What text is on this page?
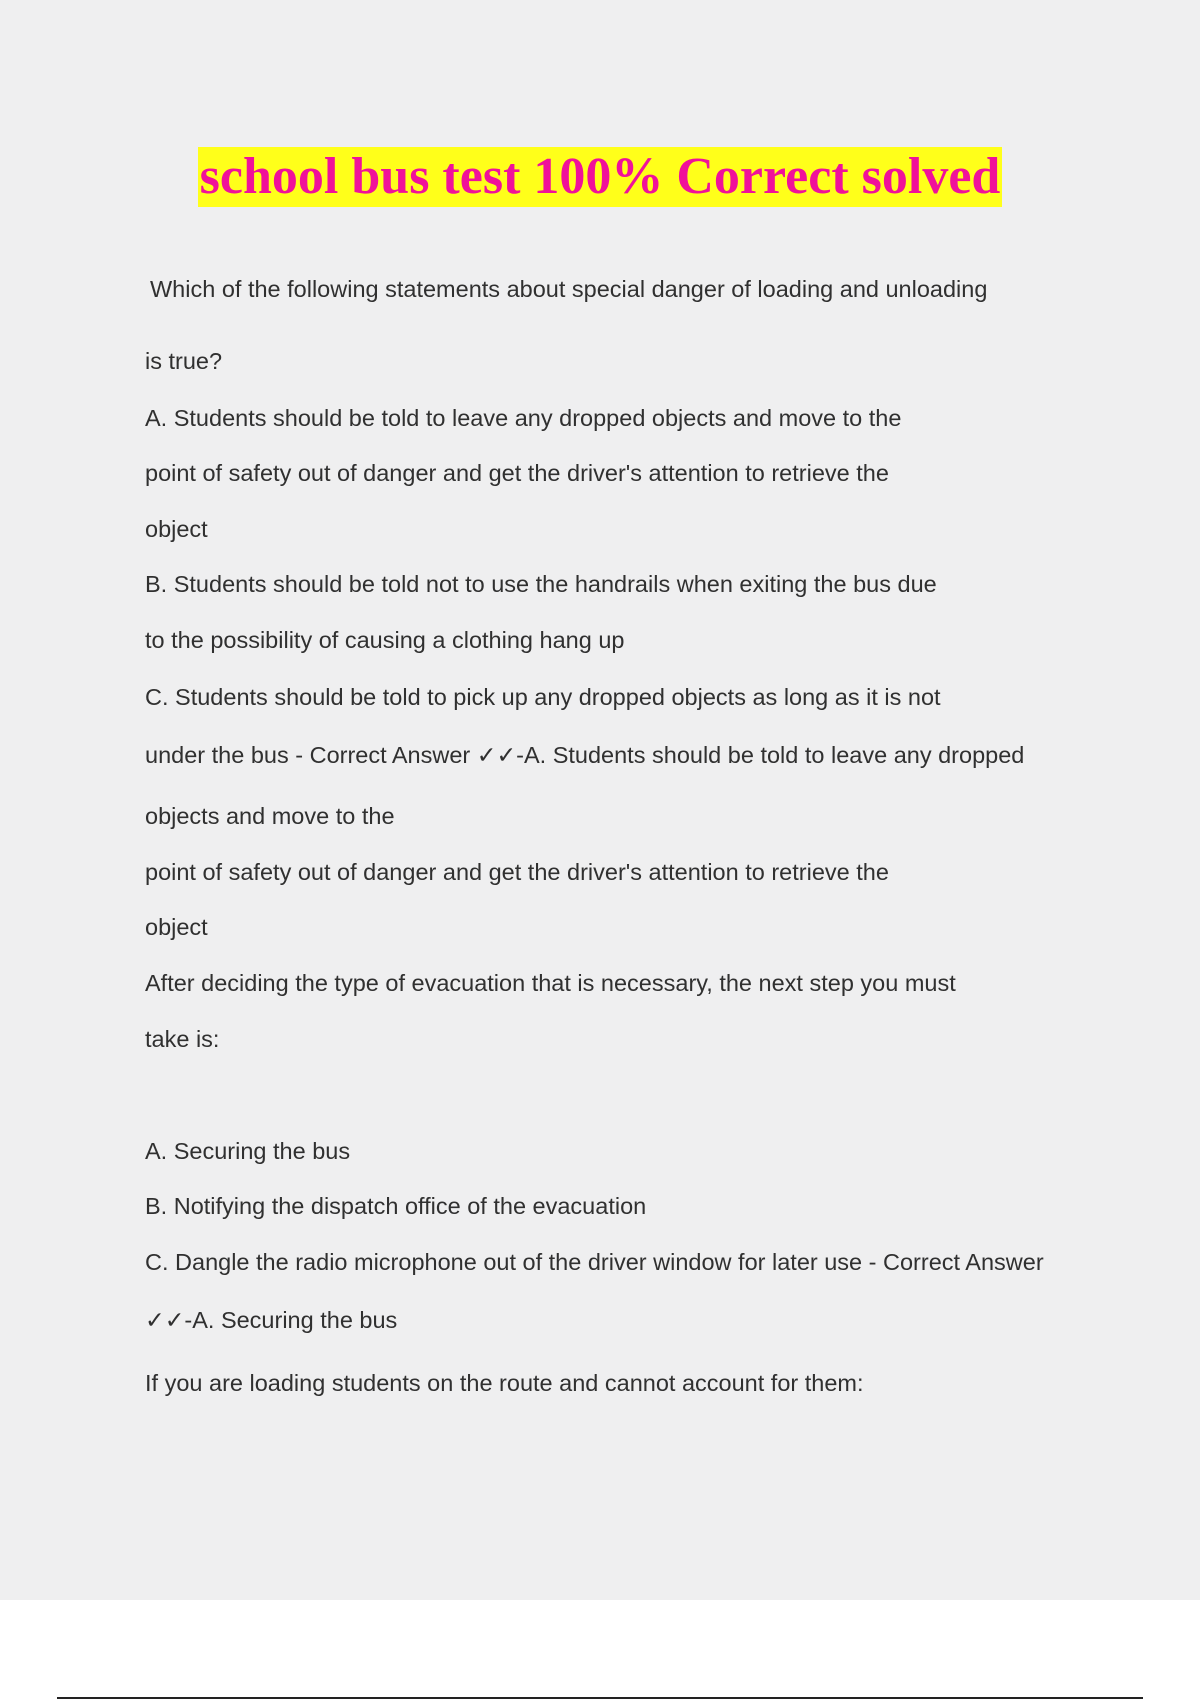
school bus test 100% Correct solved
Which of the following statements about special danger of loading and unloading
is true?
A. Students should be told to leave any dropped objects and move to the
point of safety out of danger and get the driver's attention to retrieve the
object
B. Students should be told not to use the handrails when exiting the bus due
to the possibility of causing a clothing hang up
C. Students should be told to pick up any dropped objects as long as it is not
under the bus - Correct Answer ✓✓-A. Students should be told to leave any dropped
objects and move to the
point of safety out of danger and get the driver's attention to retrieve the
object
After deciding the type of evacuation that is necessary, the next step you must
take is:
A. Securing the bus
B. Notifying the dispatch office of the evacuation
C. Dangle the radio microphone out of the driver window for later use - Correct Answer
✓✓-A. Securing the bus
If you are loading students on the route and cannot account for them:
